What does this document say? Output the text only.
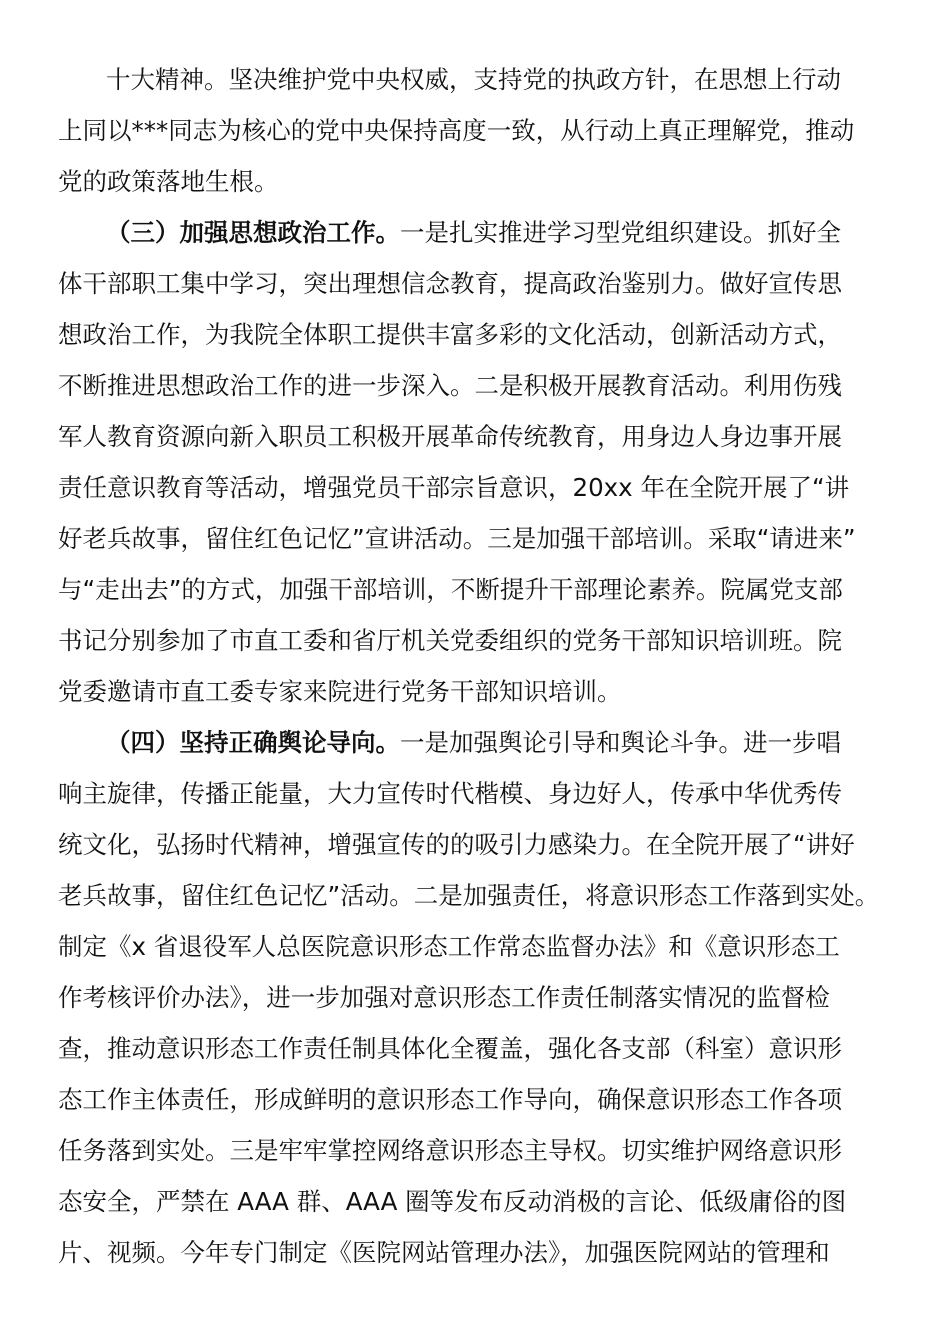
十大精神。坚决维护党中央权威，支持党的执政方针，在思想上行动
上同以***同志为核心的党中央保持高度一致，从行动上真正理解党，推动
党的政策落地生根。
（三）加强思想政治工作。一是扎实推进学习型党组织建设。抓好全
体干部职工集中学习，突出理想信念教育，提高政治鉴别力。做好宣传思
想政治工作，为我院全体职工提供丰富多彩的文化活动，创新活动方式，
不断推进思想政治工作的进一步深入。二是积极开展教育活动。利用伤残
军人教育资源向新入职员工积极开展革命传统教育，用身边人身边事开展
责任意识教育等活动，增强党员干部宗旨意识，20xx 年在全院开展了“讲
好老兵故事，留住红色记忆”宣讲活动。三是加强干部培训。采取“请进来”
与“走出去”的方式，加强干部培训，不断提升干部理论素养。院属党支部
书记分别参加了市直工委和省厅机关党委组织的党务干部知识培训班。院
党委邀请市直工委专家来院进行党务干部知识培训。
（四）坚持正确舆论导向。一是加强舆论引导和舆论斗争。进一步唱
响主旋律，传播正能量，大力宣传时代楷模、身边好人，传承中华优秀传
统文化，弘扬时代精神，增强宣传的的吸引力感染力。在全院开展了“讲好
老兵故事，留住红色记忆”活动。二是加强责任，将意识形态工作落到实处。
制定《x 省退役军人总医院意识形态工作常态监督办法》和《意识形态工
作考核评价办法》，进一步加强对意识形态工作责任制落实情况的监督检
查，推动意识形态工作责任制具体化全覆盖，强化各支部（科室）意识形
态工作主体责任，形成鲜明的意识形态工作导向，确保意识形态工作各项
任务落到实处。三是牢牢掌控网络意识形态主导权。切实维护网络意识形
态安全，严禁在 AAA 群、AAA 圈等发布反动消极的言论、低级庸俗的图
片、视频。今年专门制定《医院网站管理办法》，加强医院网站的管理和
